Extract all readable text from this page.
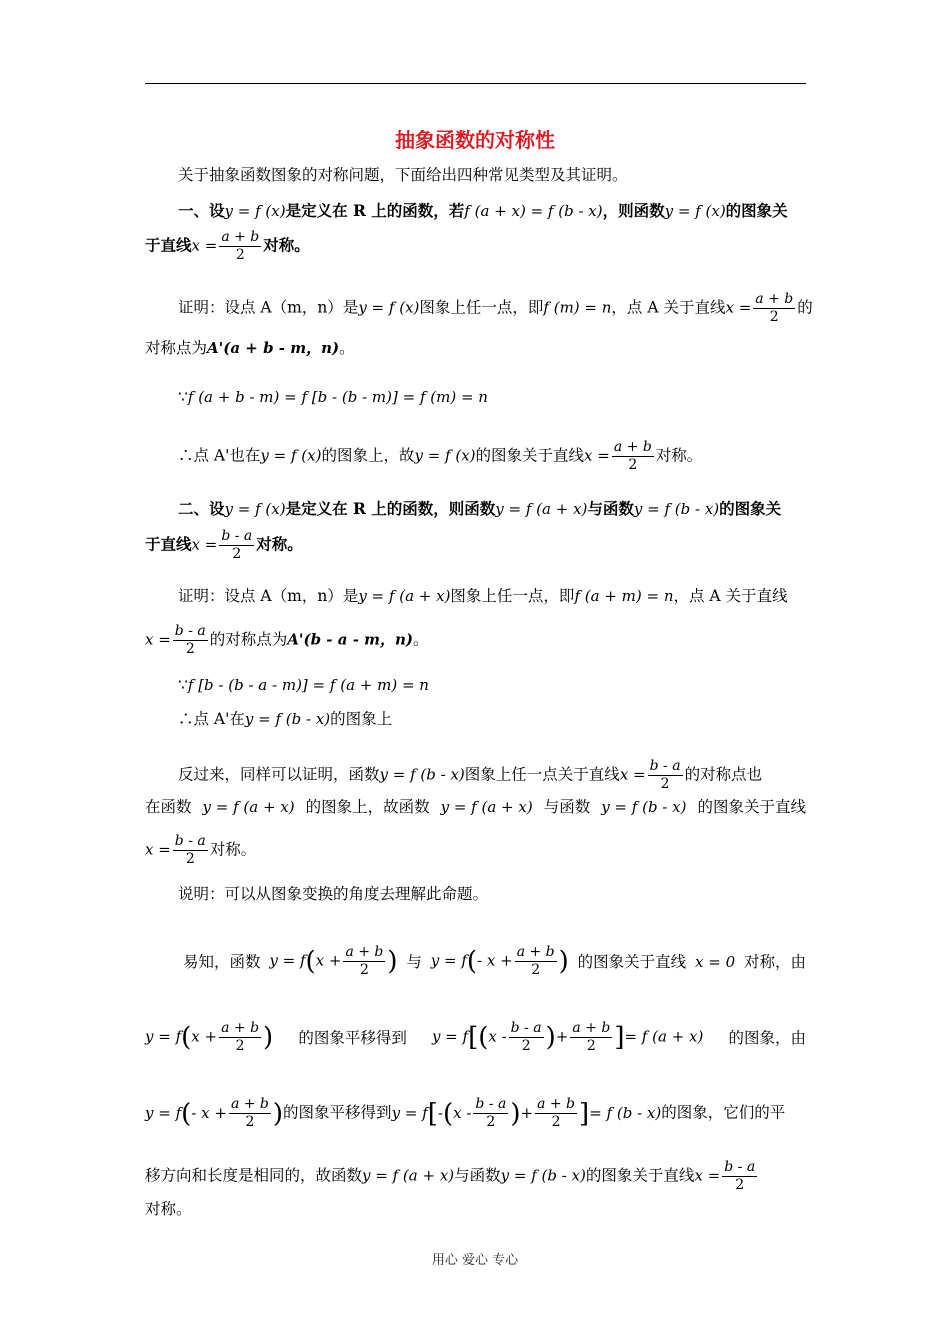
抽象函数的对称性
关于抽象函数图象的对称问题，下面给出四种常见类型及其证明。
一、设y = f (x)是定义在 R 上的函数，若f (a + x) = f (b - x)，则函数y = f (x)的图象关
于直线$x = \frac{a + b}{2}$ 对称。
证明：设点 A（m，n）是y = f (x)图象上任一点，即f (m) = n，点 A 关于直线$x = \frac{a + b}{2}$ 的
对称点为A'(a + b - m，n)。
∵f (a + b - m) = f [b - (b - m)] = f (m) = n
∴点 A'也在y = f (x)的图象上，故y = f (x)的图象关于直线$x = \frac{a + b}{2}$ 对称。
二、设y = f (x)是定义在 R 上的函数，则函数y = f (a + x)与函数y = f (b - x)的图象关
于直线$x = \frac{b - a}{2}$ 对称。
证明：设点 A（m，n）是y = f (a + x)图象上任一点，即f (a + m) = n，点 A 关于直线
$x = \frac{b - a}{2}$ 的对称点为A'(b - a - m，n)。
∵f [b - (b - a - m)] = f (a + m) = n
∴点 A'在y = f (b - x)的图象上
反过来，同样可以证明，函数y = f (b - x)图象上任一点关于直线$x = \frac{b - a}{2}$ 的对称点也
在函数 y = f (a + x) 的图象上，故函数 y = f (a + x) 与函数 y = f (b - x) 的图象关于直线
$x = \frac{b - a}{2}$ 对称。
说明：可以从图象变换的角度去理解此命题。
易知，函数 $y = f(x + \frac{a + b}{2}$ ) 与 y = f(- $x + \frac{a + b}{2}$ ) 的图象关于直线 x = 0 对称，由
$y = f(x + \frac{a + b}{2}$ ) 的图象平移得到 $y = f[(x - \frac{b - a}{2}$ )+ $\frac{a + b}{2}$ ]= f (a + x) 的图象，由
y = f(- $x + \frac{a + b}{2}$ )的图象平移得到$y = f[-(x - \frac{b - a}{2}$ )+ $\frac{a + b}{2}$ ]= f (b - x)的图象，它们的平
移方向和长度是相同的，故函数y = f (a + x)与函数y = f (b - x)的图象关于直线$x = \frac{b - a}{2}$
对称。
用心 爱心 专心
